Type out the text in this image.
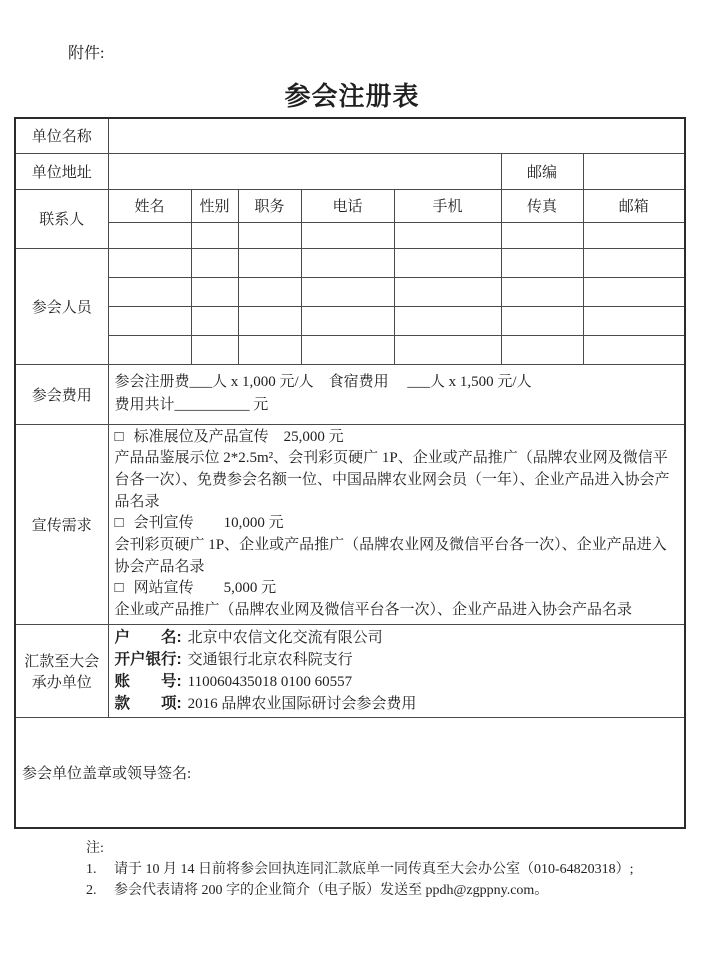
附件:
参会注册表
单位名称							
单位地址						邮编	
联系人	姓名	性别	职务	电话	手机	传真	邮箱

参会人员							

参会费用	参会注册费___人 x 1,000 元/人　食宿费用　 ___人 x 1,500 元/人
费用共计__________ 元						

宣传需求	
□ 标准展位及产品宣传　25,000 元
产品品鉴展示位 2*2.5m²、会刊彩页硬广 1P、企业或产品推广（品牌农业网及微信平台各一次）、免费参会名额一位、中国品牌农业网会员（一年）、企业产品进入协会产品名录
□ 会刊宣传　　10,000 元
会刊彩页硬广 1P、企业或产品推广（品牌农业网及微信平台各一次）、企业产品进入协会产品名录
□ 网站宣传　　5,000 元
企业或产品推广（品牌农业网及微信平台各一次）、企业产品进入协会产品名录

汇款至大会
承办单位

户　　名: 北京中农信文化交流有限公司
开户银行: 交通银行北京农科院支行
账　　号: 110060435018 0100 60557
款　　项: 2016 品牌农业国际研讨会参会费用

参会单位盖章或领导签名:							
注:
1.	请于 10 月 14 日前将参会回执连同汇款底单一同传真至大会办公室（010-64820318）;
2.	参会代表请将 200 字的企业简介（电子版）发送至 ppdh@zgppny.com。
